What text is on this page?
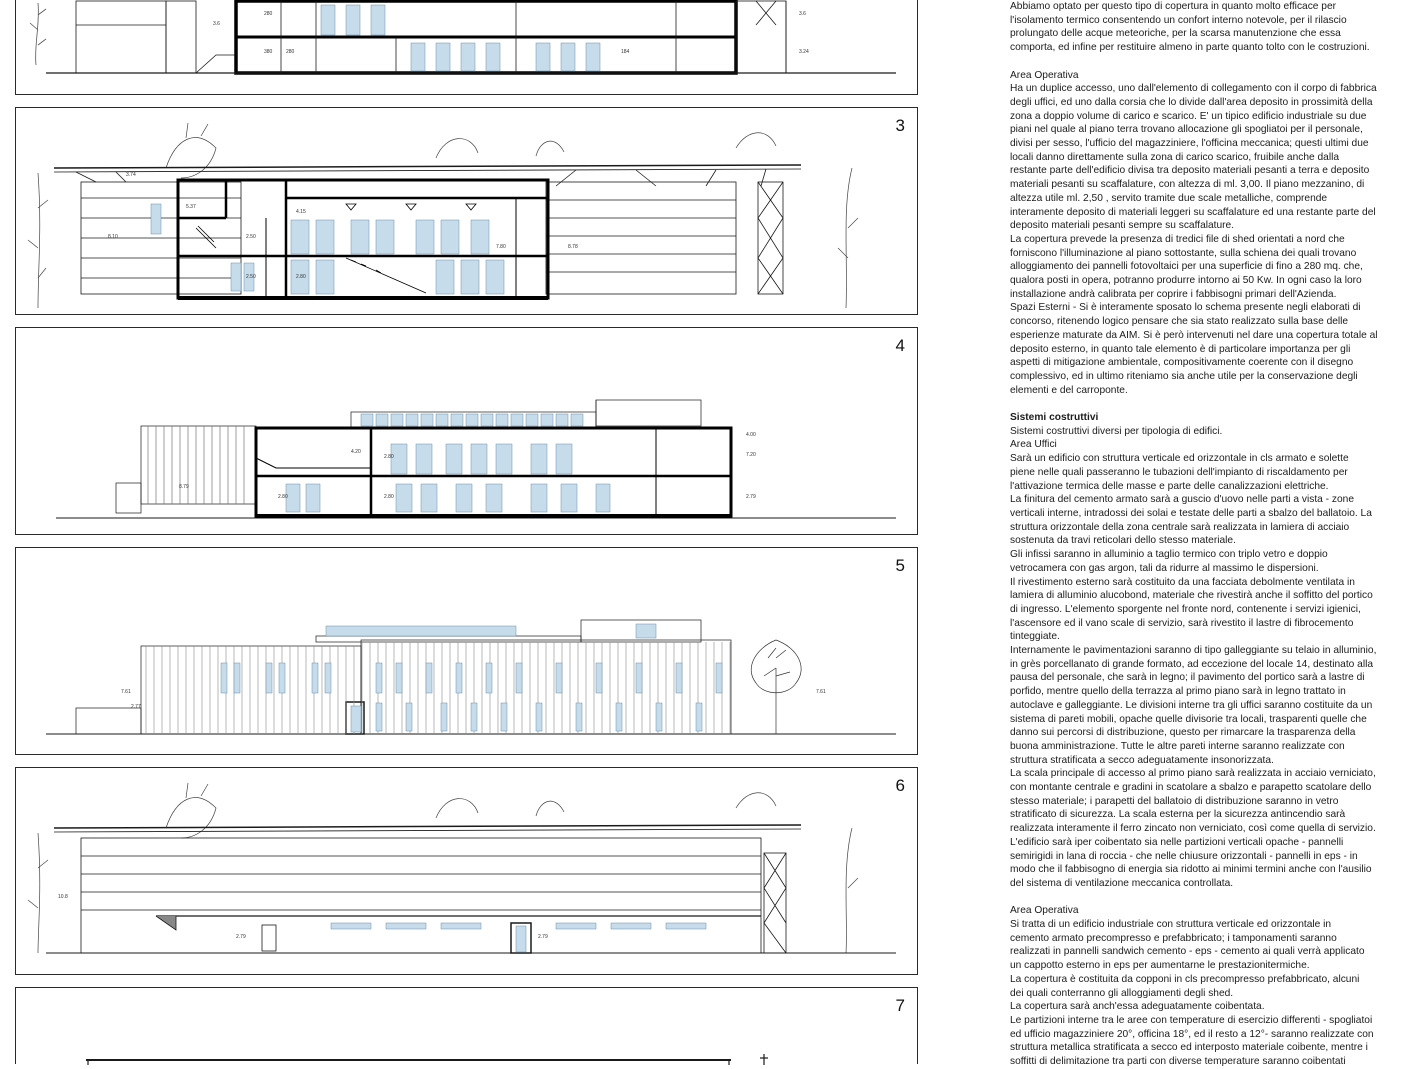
280
380	280
3.6
184
3.6
3.24
3
3.74
8.10
5.37
2.50
2.50
4.15
2.80
7.80	8.78
4
4.20	7.20
2.80
2.80	2.80
8.79
4.00
2.79
5
7.61
2.77
7.61
6
10.8
2.79	2.79
7

Abbiamo optato per questo tipo di copertura in quanto molto efficace per
l'isolamento termico consentendo un confort interno notevole, per il rilascio
prolungato delle acque meteoriche, per la scarsa manutenzione che essa
comporta, ed infine per restituire almeno in parte quanto tolto con le costruzioni.

Area Operativa

Ha un duplice accesso, uno dall'elemento di collegamento con il corpo di fabbrica
degli uffici, ed uno dalla corsia che lo divide dall'area deposito in prossimità della
zona a doppio volume di carico e scarico. E' un tipico edificio industriale su due
piani nel quale al piano terra trovano allocazione gli spogliatoi per il personale,
divisi per sesso, l'ufficio del magazziniere, l'officina meccanica; questi ultimi due
locali danno direttamente sulla zona di carico scarico, fruibile anche dalla
restante parte dell'edificio divisa tra deposito materiali pesanti a terra e deposito
materiali pesanti su scaffalature, con altezza di ml. 3,00. Il piano mezzanino, di
altezza utile ml. 2,50 , servito tramite due scale metalliche, comprende
interamente deposito di materiali leggeri su scaffalature ed una restante parte del
deposito materiali pesanti sempre su scaffalature.
La copertura prevede la presenza di tredici file di shed orientati a nord che
forniscono l'illuminazione al piano sottostante, sulla schiena dei quali trovano
alloggiamento dei pannelli fotovoltaici per una superficie di fino a 280 mq. che,
qualora posti in opera, potranno produrre intorno ai 50 Kw. In ogni caso la loro
installazione andrà calibrata per coprire i fabbisogni primari dell'Azienda.
Spazi Esterni - Si è interamente sposato lo schema presente negli elaborati di
concorso, ritenendo logico pensare che sia stato realizzato sulla base delle
esperienze maturate da AIM. Si è però intervenuti nel dare una copertura totale al
deposito esterno, in quanto tale elemento è di particolare importanza per gli
aspetti di mitigazione ambientale, compositivamente coerente con il disegno
complessivo, ed in ultimo riteniamo sia anche utile per la conservazione degli
elementi e del carroponte.

Sistemi costruttivi

Sistemi costruttivi diversi per tipologia di edifici.

Area Uffici

Sarà un edificio con struttura verticale ed orizzontale in cls armato e solette
piene nelle quali passeranno le tubazioni dell'impianto di riscaldamento per
l'attivazione termica delle masse e parte delle canalizzazioni elettriche.
La finitura del cemento armato sarà a guscio d'uovo nelle parti a vista - zone
verticali interne, intradossi dei solai e testate delle parti a sbalzo del ballatoio. La
struttura orizzontale della zona centrale sarà realizzata in lamiera di acciaio
sostenuta da travi reticolari dello stesso materiale.
Gli infissi saranno in alluminio a taglio termico con triplo vetro e doppio
vetrocamera con gas argon, tali da ridurre al massimo le dispersioni.
Il rivestimento esterno sarà costituito da una facciata debolmente ventilata in
lamiera di alluminio alucobond, materiale che rivestirà anche il soffitto del portico
di ingresso. L'elemento sporgente nel fronte nord, contenente i servizi igienici,
l'ascensore ed il vano scale di servizio, sarà rivestito il lastre di fibrocemento
tinteggiate.
Internamente le pavimentazioni saranno di tipo galleggiante su telaio in alluminio,
in grès porcellanato di grande formato, ad eccezione del locale 14, destinato alla
pausa del personale, che sarà in legno; il pavimento del portico sarà a lastre di
porfido, mentre quello della terrazza al primo piano sarà in legno trattato in
autoclave e galleggiante. Le divisioni interne tra gli uffici saranno costituite da un
sistema di pareti mobili, opache quelle divisorie tra locali, trasparenti quelle che
danno sui percorsi di distribuzione, questo per rimarcare la trasparenza della
buona amministrazione. Tutte le altre pareti interne saranno realizzate con
struttura stratificata a secco adeguatamente insonorizzata.
La scala principale di accesso al primo piano sarà realizzata in acciaio verniciato,
con montante centrale e gradini in scatolare a sbalzo e parapetto scatolare dello
stesso materiale; i parapetti del ballatoio di distribuzione saranno in vetro
stratificato di sicurezza. La scala esterna per la sicurezza antincendio sarà
realizzata interamente il ferro zincato non verniciato, così come quella di servizio.
L'edificio sarà iper coibentato sia nelle partizioni verticali opache - pannelli
semirigidi in lana di roccia - che nelle chiusure orizzontali - pannelli in eps - in
modo che il fabbisogno di energia sia ridotto ai minimi termini anche con l'ausilio
del sistema di ventilazione meccanica controllata.

Area Operativa

Si tratta di un edificio industriale con struttura verticale ed orizzontale in
cemento armato precompresso e prefabbricato; i tamponamenti saranno
realizzati in pannelli sandwich cemento - eps - cemento ai quali verrà applicato
un cappotto esterno in eps per aumentarne le prestazionitermiche.
La copertura è costituita da copponi in cls precompresso prefabbricato, alcuni
dei quali conterranno gli alloggiamenti degli shed.
La copertura sarà anch'essa adeguatamente coibentata.
Le partizioni interne tra le aree con temperature di esercizio differenti - spogliatoi
ed ufficio magazziniere 20°, officina 18°, ed il resto a 12°- saranno realizzate con
struttura metallica stratificata a secco ed interposto materiale coibente, mentre i
soffitti di delimitazione tra parti con diverse temperature saranno coibentati
